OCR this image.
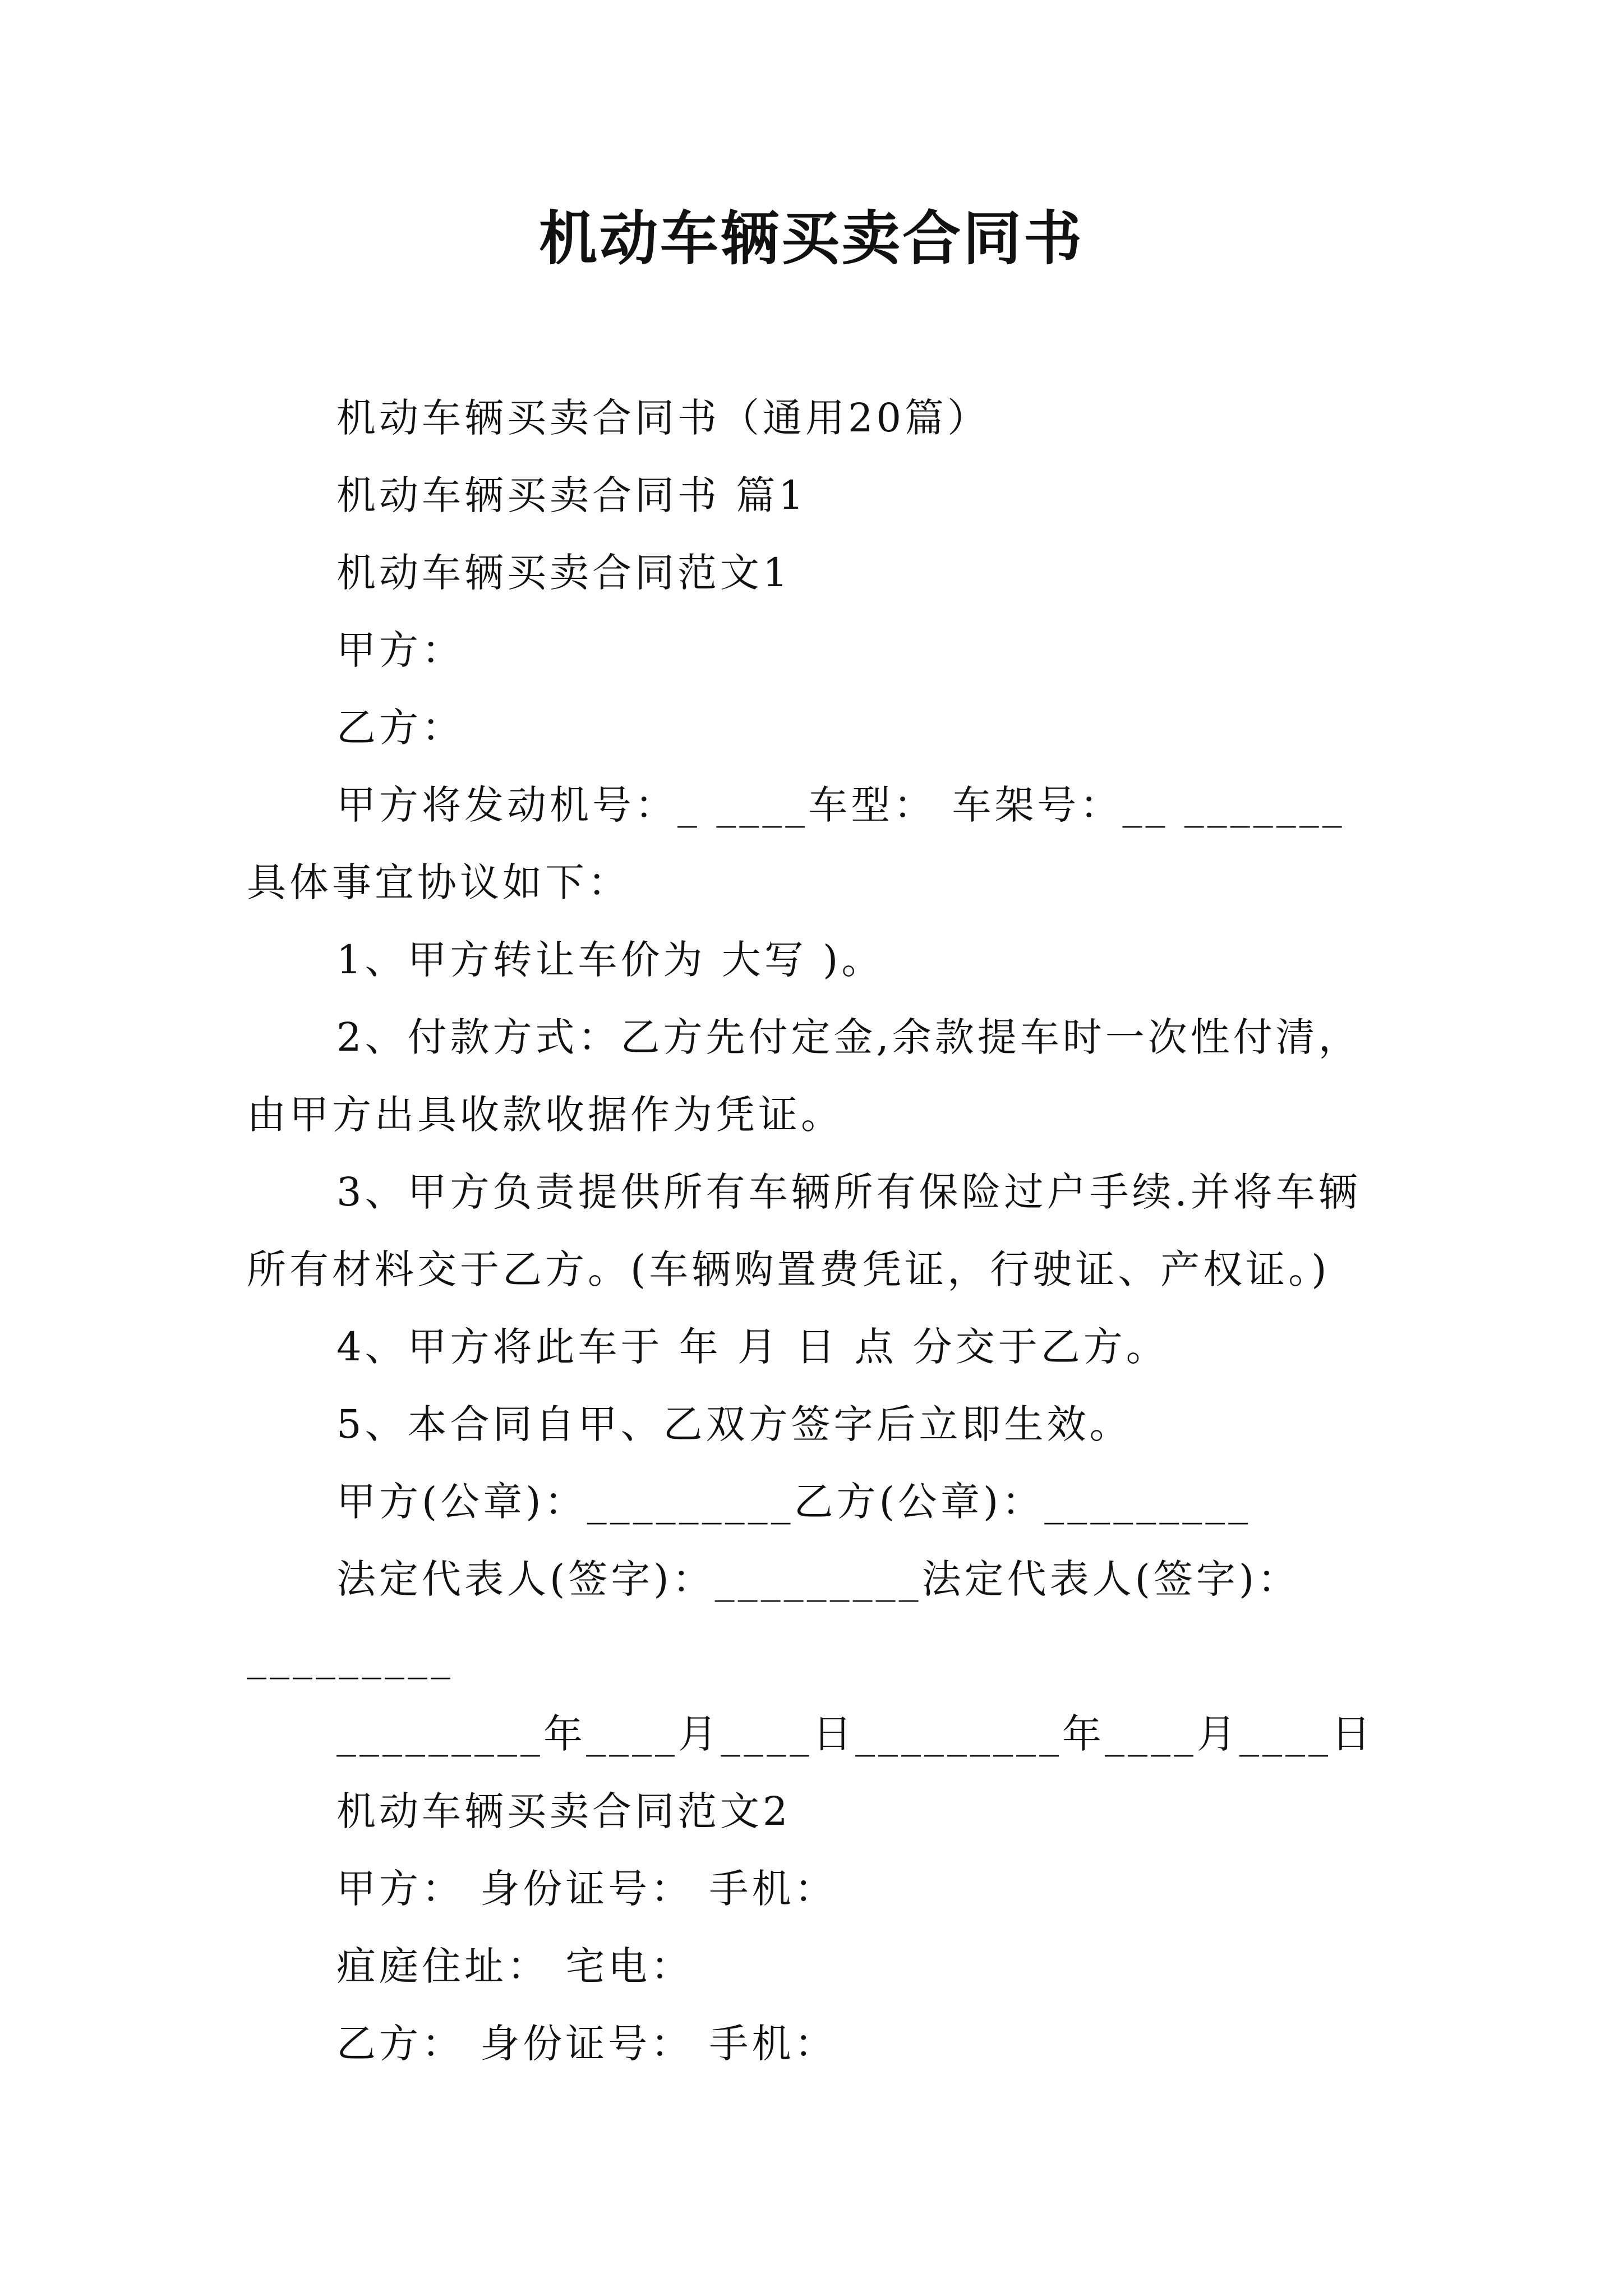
机动车辆买卖合同书
机动车辆买卖合同书（通用20篇）
机动车辆买卖合同书 篇1
机动车辆买卖合同范文1
甲方：
乙方：
甲方将发动机号：_ ____车型： 车架号：__ _______
具体事宜协议如下：
1、甲方转让车价为 大写 )。
2、付款方式：乙方先付定金,余款提车时一次性付清，
由甲方出具收款收据作为凭证。
3、甲方负责提供所有车辆所有保险过户手续.并将车辆
所有材料交于乙方。(车辆购置费凭证，行驶证、产权证。)
4、甲方将此车于 年 月 日 点 分交于乙方。
5、本合同自甲、乙双方签字后立即生效。
甲方(公章)：_________乙方(公章)：_________
法定代表人(签字)：_________法定代表人(签字)：
_________
_________年____月____日_________年____月____日
机动车辆买卖合同范文2
甲方： 身份证号： 手机：
疽庭住址： 宅电：
乙方： 身份证号： 手机：
